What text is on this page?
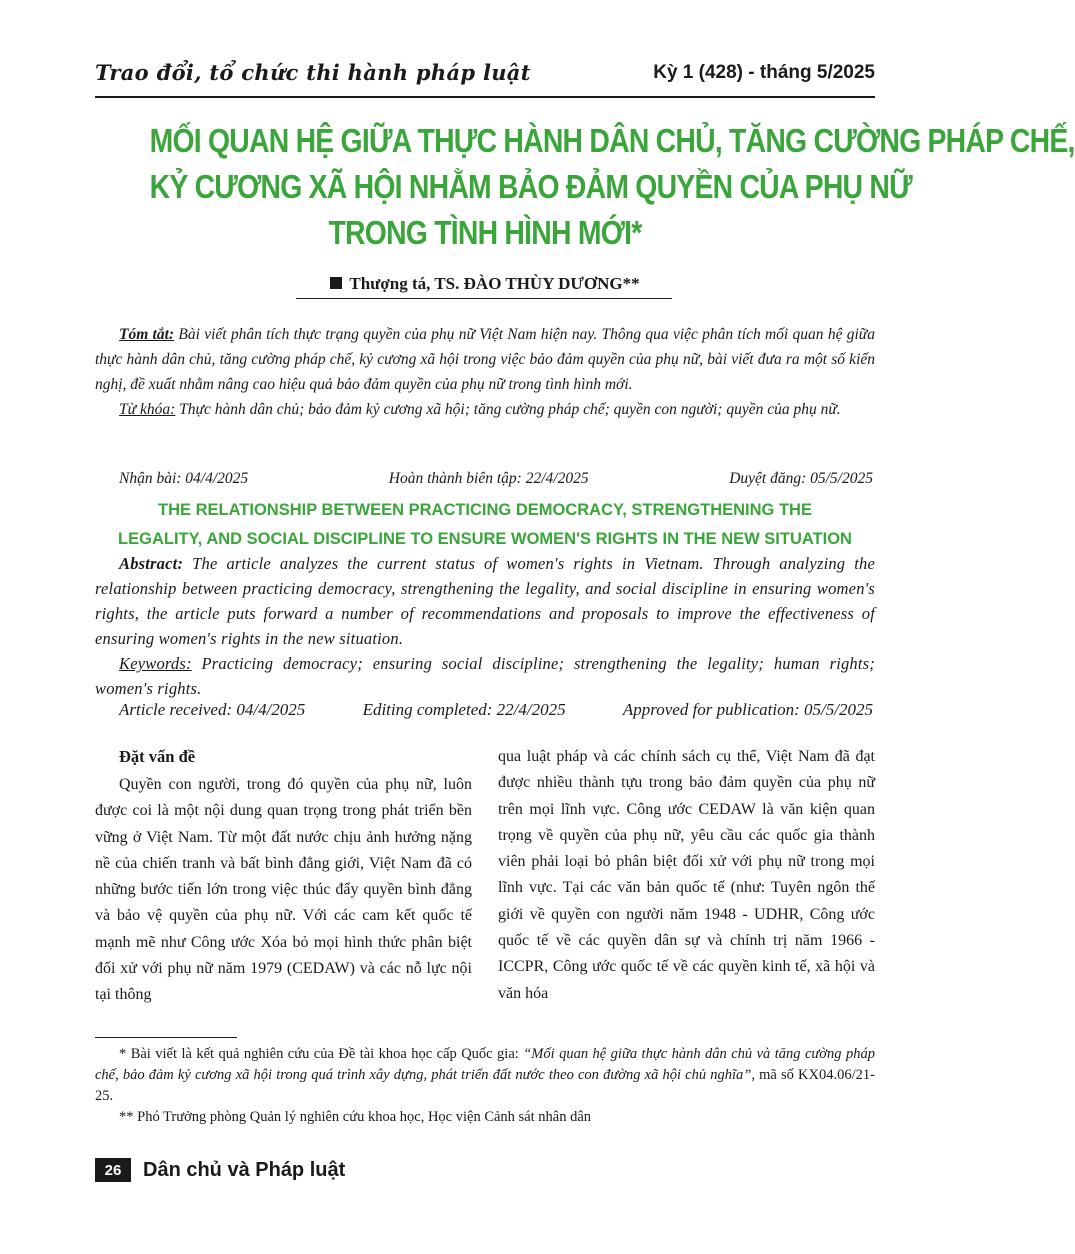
Trao đổi, tổ chức thi hành pháp luật	Kỳ 1 (428) - tháng 5/2025
MỐI QUAN HỆ GIỮA THỰC HÀNH DÂN CHỦ, TĂNG CƯỜNG PHÁP CHẾ,
KỶ CƯƠNG XÃ HỘI NHẰM BẢO ĐẢM QUYỀN CỦA PHỤ NỮ
TRONG TÌNH HÌNH MỚI*
Thượng tá, TS. ĐÀO THÙY DƯƠNG**

Tóm tắt: Bài viết phân tích thực trạng quyền của phụ nữ Việt Nam hiện nay. Thông qua việc phân tích mối quan hệ giữa thực hành dân chủ, tăng cường pháp chế, kỷ cương xã hội trong việc bảo đảm quyền của phụ nữ, bài viết đưa ra một số kiến nghị, đề xuất nhằm nâng cao hiệu quả bảo đảm quyền của phụ nữ trong tình hình mới.

Từ khóa: Thực hành dân chủ; bảo đảm kỷ cương xã hội; tăng cường pháp chế; quyền con người; quyền của phụ nữ.

Nhận bài: 04/4/2025	Hoàn thành biên tập: 22/4/2025	Duyệt đăng: 05/5/2025
THE RELATIONSHIP BETWEEN PRACTICING DEMOCRACY, STRENGTHENING THE
LEGALITY, AND SOCIAL DISCIPLINE TO ENSURE WOMEN'S RIGHTS IN THE NEW SITUATION

Abstract: The article analyzes the current status of women's rights in Vietnam. Through analyzing the relationship between practicing democracy, strengthening the legality, and social discipline in ensuring women's rights, the article puts forward a number of recommendations and proposals to improve the effectiveness of ensuring women's rights in the new situation.

Keywords: Practicing democracy; ensuring social discipline; strengthening the legality; human rights; women's rights.

Article received: 04/4/2025	Editing completed: 22/4/2025	Approved for publication: 05/5/2025
Đặt vấn đề

Quyền con người, trong đó quyền của phụ nữ, luôn được coi là một nội dung quan trọng trong phát triển bền vững ở Việt Nam. Từ một đất nước chịu ảnh hưởng nặng nề của chiến tranh và bất bình đẳng giới, Việt Nam đã có những bước tiến lớn trong việc thúc đẩy quyền bình đẳng và bảo vệ quyền của phụ nữ. Với các cam kết quốc tế mạnh mẽ như Công ước Xóa bỏ mọi hình thức phân biệt đối xử với phụ nữ năm 1979 (CEDAW) và các nỗ lực nội tại thông

qua luật pháp và các chính sách cụ thể, Việt Nam đã đạt được nhiều thành tựu trong bảo đảm quyền của phụ nữ trên mọi lĩnh vực. Công ước CEDAW là văn kiện quan trọng về quyền của phụ nữ, yêu cầu các quốc gia thành viên phải loại bỏ phân biệt đối xử với phụ nữ trong mọi lĩnh vực. Tại các văn bản quốc tế (như: Tuyên ngôn thế giới về quyền con người năm 1948 - UDHR, Công ước quốc tế về các quyền dân sự và chính trị năm 1966 - ICCPR, Công ước quốc tế về các quyền kinh tế, xã hội và văn hóa

* Bài viết là kết quả nghiên cứu của Đề tài khoa học cấp Quốc gia: “Mối quan hệ giữa thực hành dân chủ và tăng cường pháp chế, bảo đảm kỷ cương xã hội trong quá trình xây dựng, phát triển đất nước theo con đường xã hội chủ nghĩa”, mã số KX04.06/21-25.

** Phó Trưởng phòng Quản lý nghiên cứu khoa học, Học viện Cảnh sát nhân dân

26	Dân chủ và Pháp luật
